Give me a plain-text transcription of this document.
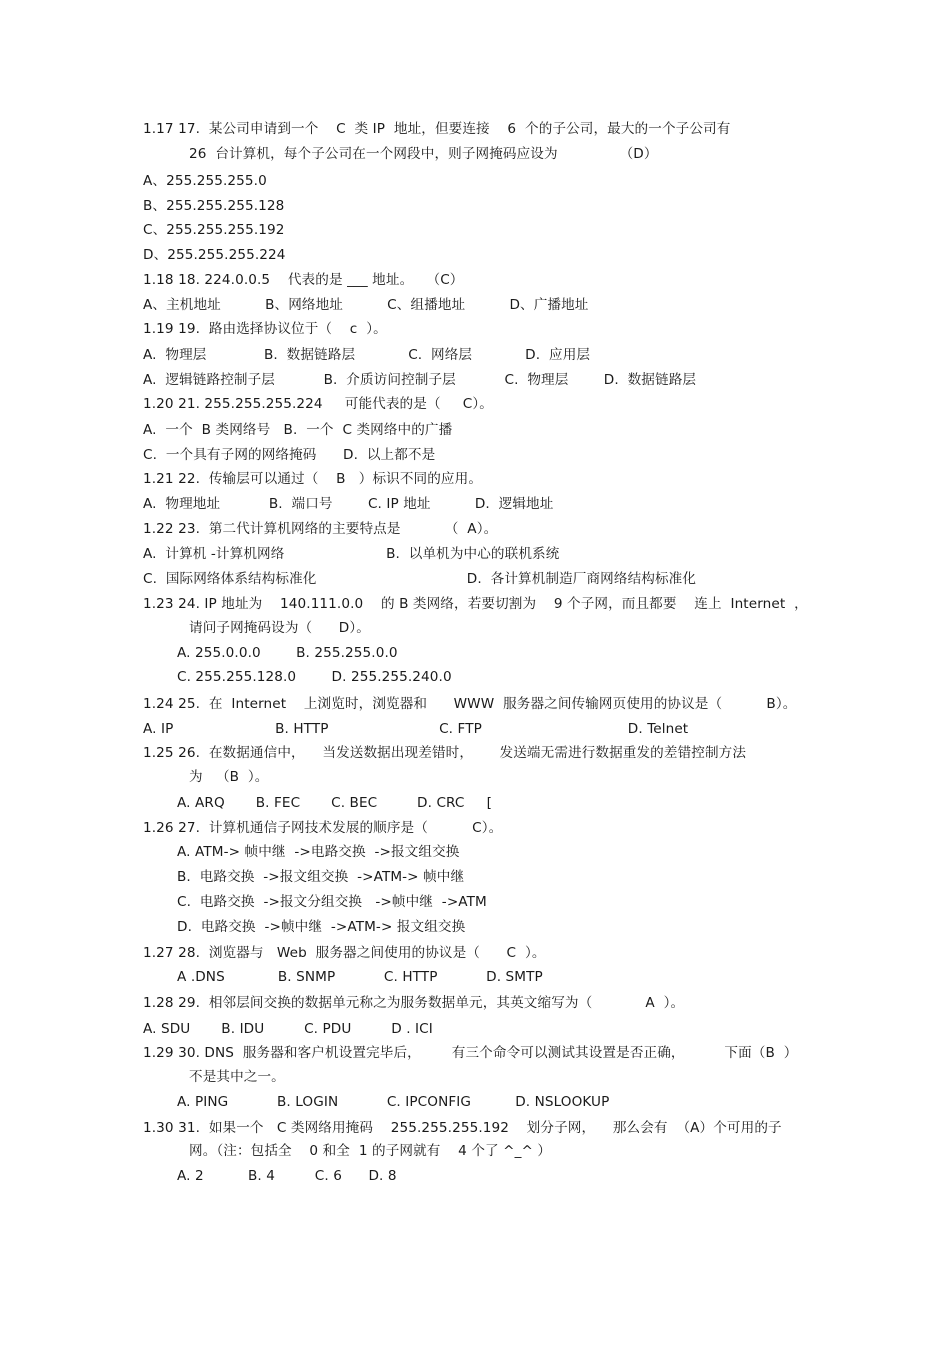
1.17 17.  某公司申请到一个    C  类 IP  地址，但要连接    6  个的子公司，最大的一个子公司有
26  台计算机，每个子公司在一个网段中，则子网掩码应设为              （D）
A、255.255.255.0
B、255.255.255.128
C、255.255.255.192
D、255.255.255.224
1.18 18. 224.0.0.5    代表的是 ___ 地址。   （C）
A、主机地址          B、网络地址          C、组播地址          D、广播地址
1.19 19.  路由选择协议位于（    c  ）。
A.  物理层             B.  数据链路层            C.  网络层            D.  应用层
A.  逻辑链路控制子层           B.  介质访问控制子层           C.  物理层        D.  数据链路层
1.20 21. 255.255.255.224     可能代表的是（     C）。
A.  一个  B 类网络号   B.  一个  C 类网络中的广播
C.  一个具有子网的网络掩码      D.  以上都不是
1.21 22.  传输层可以通过（    B   ）标识不同的应用。
A.  物理地址           B.  端口号        C. IP 地址          D.  逻辑地址
1.22 23.  第二代计算机网络的主要特点是          （  A）。
A.  计算机 -计算机网络                       B.  以单机为中心的联机系统
C.  国际网络体系结构标准化                                  D.  各计算机制造厂商网络结构标准化
1.23 24. IP 地址为    140.111.0.0    的 B 类网络，若要切割为    9 个子网，而且都要    连上  Internet  ，
请问子网掩码设为（      D）。
A. 255.0.0.0        B. 255.255.0.0
C. 255.255.128.0        D. 255.255.240.0
1.24 25.  在  Internet    上浏览时，浏览器和      WWW  服务器之间传输网页使用的协议是（          B）。
A. IP                       B. HTTP                         C. FTP                                 D. Telnet
1.25 26.  在数据通信中，    当发送数据出现差错时，      发送端无需进行数据重发的差错控制方法
为   （B  ）。
A. ARQ       B. FEC       C. BEC         D. CRC     [
1.26 27.  计算机通信子网技术发展的顺序是（          C）。
A. ATM-> 帧中继  ->电路交换  ->报文组交换
B.  电路交换  ->报文组交换  ->ATM-> 帧中继
C.  电路交换  ->报文分组交换   ->帧中继  ->ATM
D.  电路交换  ->帧中继  ->ATM-> 报文组交换
1.27 28.  浏览器与   Web  服务器之间使用的协议是（      C  ）。
A .DNS            B. SNMP           C. HTTP           D. SMTP
1.28 29.  相邻层间交换的数据单元称之为服务数据单元，其英文缩写为（            A  ）。
A. SDU       B. IDU         C. PDU         D . ICI
1.29 30. DNS  服务器和客户机设置完毕后，       有三个命令可以测试其设置是否正确，         下面（B  ）
不是其中之一。
A. PING           B. LOGIN           C. IPCONFIG          D. NSLOOKUP
1.30 31.  如果一个   C 类网络用掩码    255.255.255.192    划分子网，    那么会有  （A）个可用的子
网。（注：包括全    0 和全  1 的子网就有    4 个了 ^_^ ）
A. 2          B. 4         C. 6      D. 8
